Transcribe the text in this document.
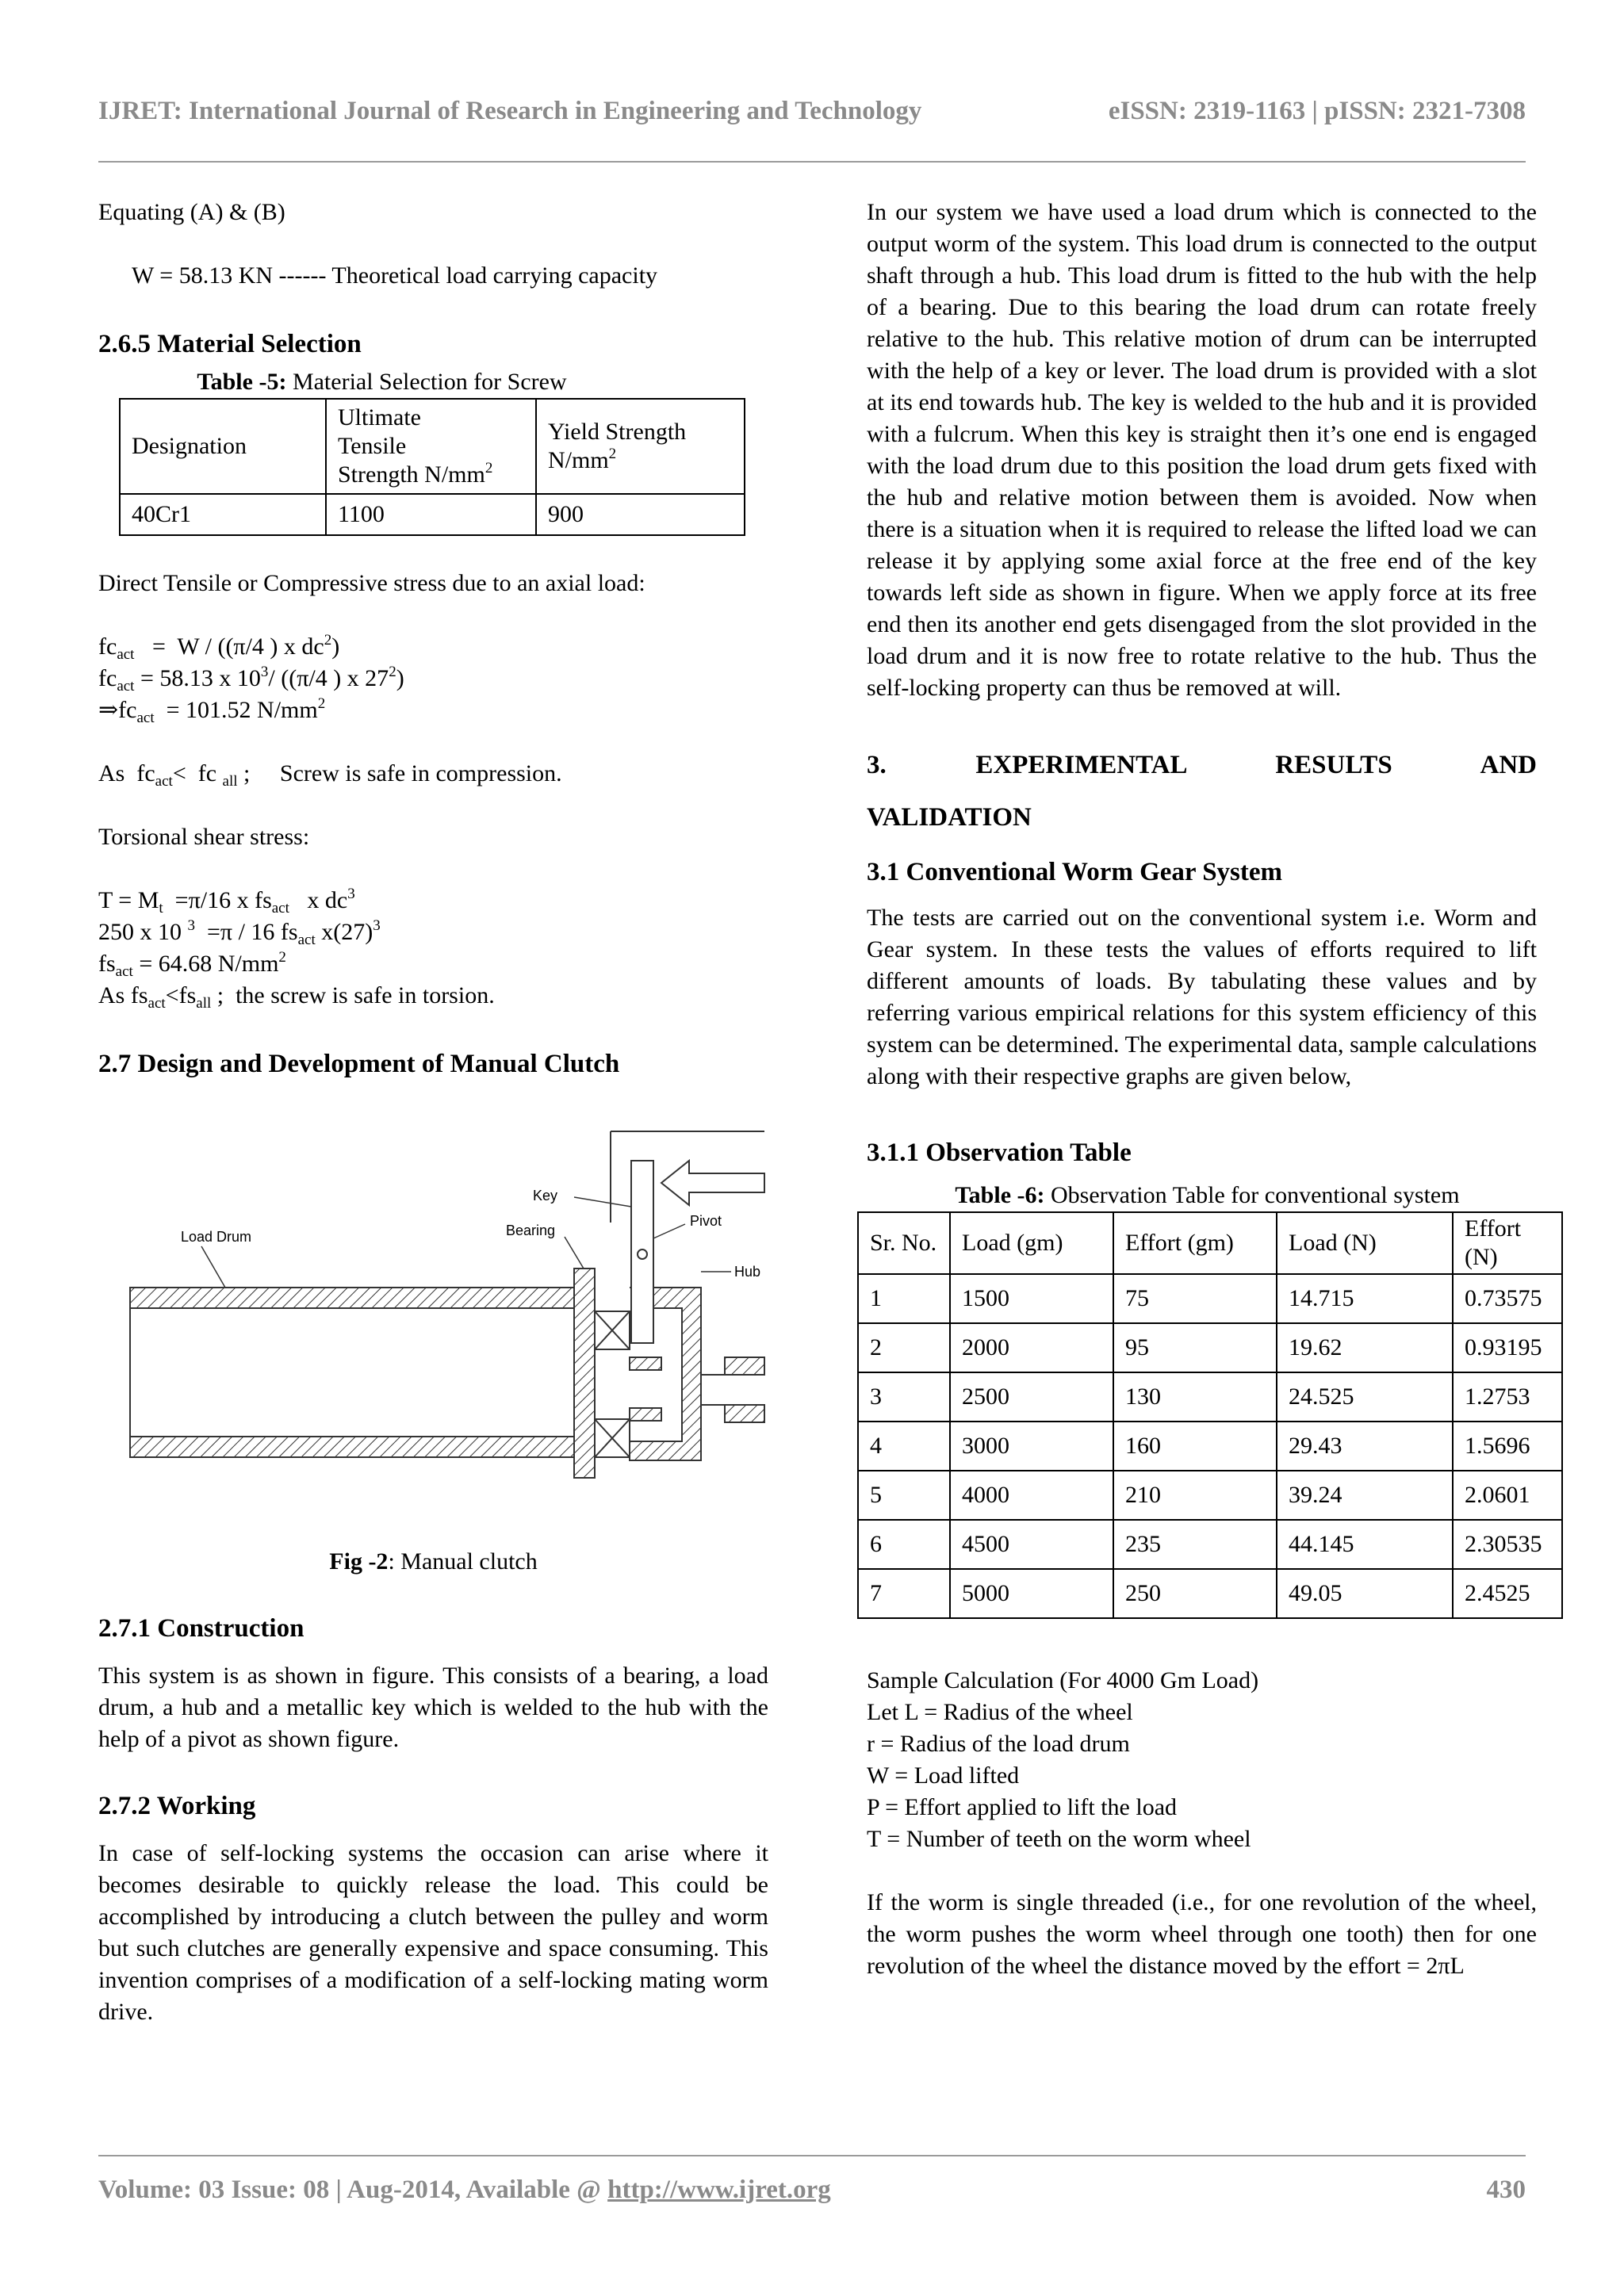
IJRET: International Journal of Research in Engineering and Technology	eISSN: 2319-1163 | pISSN: 2321-7308

Equating (A) & (B)

W = 58.13 KN ------ Theoretical load carrying capacity

2.6.5 Material Selection

Table -5: Material Selection for Screw

Designation	Ultimate
Tensile
Strength $N/mm^2$	Yield Strength
$N/mm^2$
40Cr1	1100	900

Direct Tensile or Compressive stress due to an axial load:

$fc_{act} = W / ((\pi/4$ ) x $dc^2$)

$fc_{act} = 58.13$ x $10^3/$ ((π/4 ) x $27^2$)

$\Rightarrow fc_{act} = 101.52$ $N/mm^2$

As  $fc_{act}<$  fc $_{all}$ ;     Screw is safe in compression.

Torsional shear stress:

$T = M_t =\pi/16$ x $fs_{act}$   x $dc^3$

250 x 10 $^3$  =π / 16 $fs_{act}$ $x(27)^3$

$fs_{act} = 64.68$ $N/mm^2$

As $fs_{act}<fs_{all}$ ;  the screw is safe in torsion.

2.7 Design and Development of Manual Clutch

Key
Pivot
Bearing
Load Drum
Hub

Fig -2: Manual clutch

2.7.1 Construction

This system is as shown in figure. This consists of a bearing, a load drum, a hub and a metallic key which is welded to the hub with the help of a pivot as shown figure.

2.7.2 Working

In case of self-locking systems the occasion can arise where it becomes desirable to quickly release the load. This could be accomplished by introducing a clutch between the pulley and worm but such clutches are generally expensive and space consuming. This invention comprises of a modification of a self-locking mating worm drive.

In our system we have used a load drum which is connected to the output worm of the system. This load drum is connected to the output shaft through a hub. This load drum is fitted to the hub with the help of a bearing. Due to this bearing the load drum can rotate freely relative to the hub. This relative motion of drum can be interrupted with the help of a key or lever. The load drum is provided with a slot at its end towards hub. The key is welded to the hub and it is provided with a fulcrum. When this key is straight then it’s one end is engaged with the load drum due to this position the load drum gets fixed with the hub and relative motion between them is avoided. Now when there is a situation when it is required to release the lifted load we can release it by applying some axial force at the free end of the key towards left side as shown in figure. When we apply force at its free end then its another end gets disengaged from the slot provided in the load drum and it is now free to rotate relative to the hub. Thus the self-locking property can thus be removed at will.

3.   EXPERIMENTAL   RESULTS   AND

VALIDATION

3.1 Conventional Worm Gear System

The tests are carried out on the conventional system i.e. Worm and Gear system. In these tests the values of efforts required to lift different amounts of loads. By tabulating these values and by referring various empirical relations for this system efficiency of this system can be determined. The experimental data, sample calculations along with their respective graphs are given below,

3.1.1 Observation Table

Table -6: Observation Table for conventional system

Sr. No.	Load (gm)	Effort (gm)	Load (N)	Effort (N)
1	1500	75	14.715	0.73575
2	2000	95	19.62	0.93195
3	2500	130	24.525	1.2753
4	3000	160	29.43	1.5696
5	4000	210	39.24	2.0601
6	4500	235	44.145	2.30535
7	5000	250	49.05	2.4525

Sample Calculation (For 4000 Gm Load)

Let L = Radius of the wheel

r = Radius of the load drum

W = Load lifted

P = Effort applied to lift the load

T = Number of teeth on the worm wheel

If the worm is single threaded (i.e., for one revolution of the wheel, the worm pushes the worm wheel through one tooth) then for one revolution of the wheel the distance moved by the effort = 2πL

Volume: 03 Issue: 08 | Aug-2014, Available @ http://www.ijret.org	430
